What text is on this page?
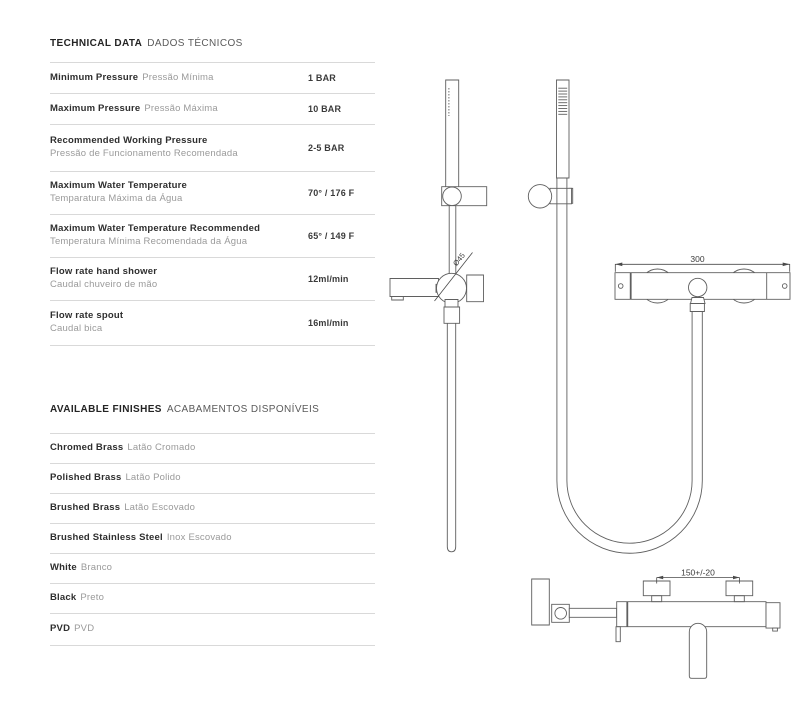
TECHNICAL DATA DADOS TÉCNICOS
Minimum Pressure Pressão Mínima	1 BAR
Maximum Pressure Pressão Máxima	10 BAR
Recommended Working Pressure
Pressão de Funcionamento Recomendada	2-5 BAR
Maximum Water Temperature
Temparatura Máxima da Água	70° / 176 F
Maximum Water Temperature Recommended
Temperatura Mínima Recomendada da Água	65° / 149 F
Flow rate hand shower
Caudal chuveiro de mão	12ml/min
Flow rate spout
Caudal bica	16ml/min
AVAILABLE FINISHES ACABAMENTOS DISPONÍVEIS
Chromed Brass Latão Cromado
Polished Brass Latão Polido
Brushed Brass Latão Escovado
Brushed Stainless Steel Inox Escovado
White Branco
Black Preto
PVD PVD
Ø45	300
150+/-20
